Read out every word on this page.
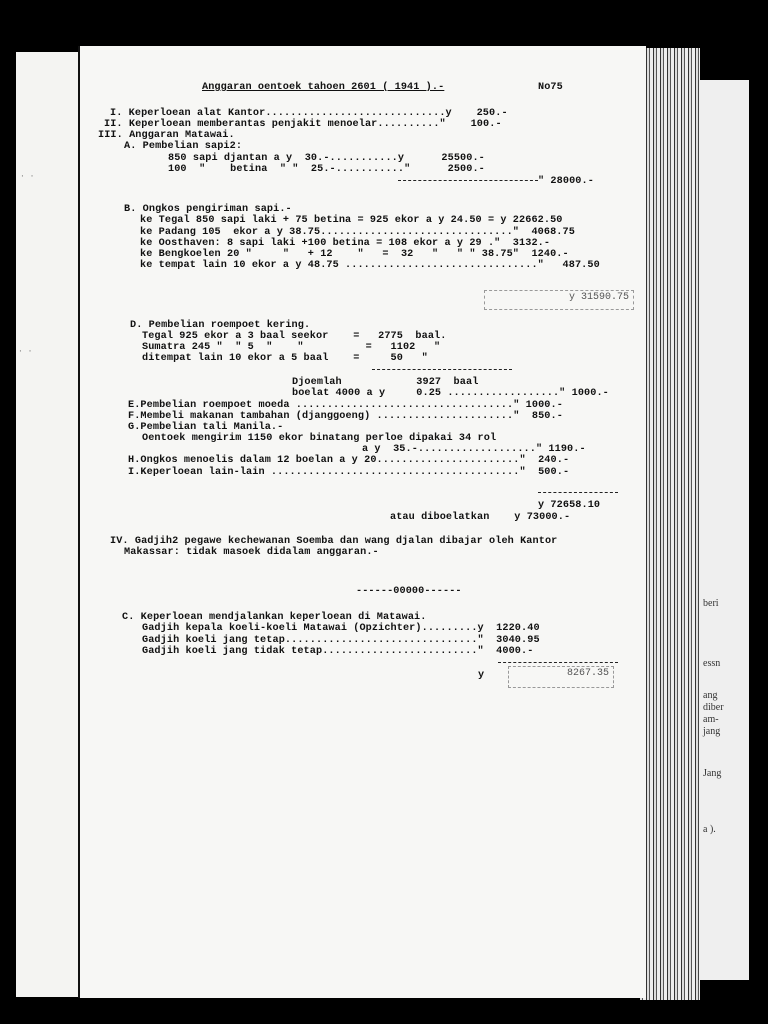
· ·
· ·
beri
essn
ang
diber
am-
jang
Jang
a ).
Anggaran oentoek tahoen 2601 ( 1941 ).-	No75
I. Keperloean alat Kantor.............................y    250.-
II. Keperloean memberantas penjakit menoelar.........."    100.-
III. Anggaran Matawai.
A. Pembelian sapi2:
850 sapi djantan a y  30.-...........y      25500.-
100  "    betina  " "  25.-..........."      2500.-
" 28000.-
B. Ongkos pengiriman sapi.-
ke Tegal 850 sapi laki + 75 betina = 925 ekor a y 24.50 = y 22662.50
ke Padang 105  ekor a y 38.75..............................."  4068.75
ke Oosthaven: 8 sapi laki +100 betina = 108 ekor a y 29 ."  3132.-
ke Bengkoelen 20 "     "   + 12    "   =  32   "   " " 38.75"  1240.-
ke tempat lain 10 ekor a y 48.75 ..............................."   487.50
y 31590.75
D. Pembelian roempoet kering.
Tegal 925 ekor a 3 baal seekor    =   2775  baal.
Sumatra 245 "  " 5  "    "          =   1102   "
ditempat lain 10 ekor a 5 baal    =     50   "
Djoemlah            3927  baal
boelat 4000 a y     0.25 .................." 1000.-
E.Pembelian roempoet moeda ..................................." 1000.-
F.Membeli makanan tambahan (djanggoeng) ......................"  850.-
G.Pembelian tali Manila.-
Oentoek mengirim 1150 ekor binatang perloe dipakai 34 rol
a y  35.-..................." 1190.-
H.Ongkos menoelis dalam 12 boelan a y 20......................."  240.-
I.Keperloean lain-lain ........................................"  500.-
y 72658.10
atau diboelatkan    y 73000.-
IV. Gadjih2 pegawe kechewanan Soemba dan wang djalan dibajar oleh Kantor
Makassar: tidak masoek didalam anggaran.-
------00000------
C. Keperloean mendjalankan keperloean di Matawai.
Gadjih kepala koeli-koeli Matawai (Opzichter).........y  1220.40
Gadjih koeli jang tetap..............................."  3040.95
Gadjih koeli jang tidak tetap........................."  4000.-
y	8267.35
